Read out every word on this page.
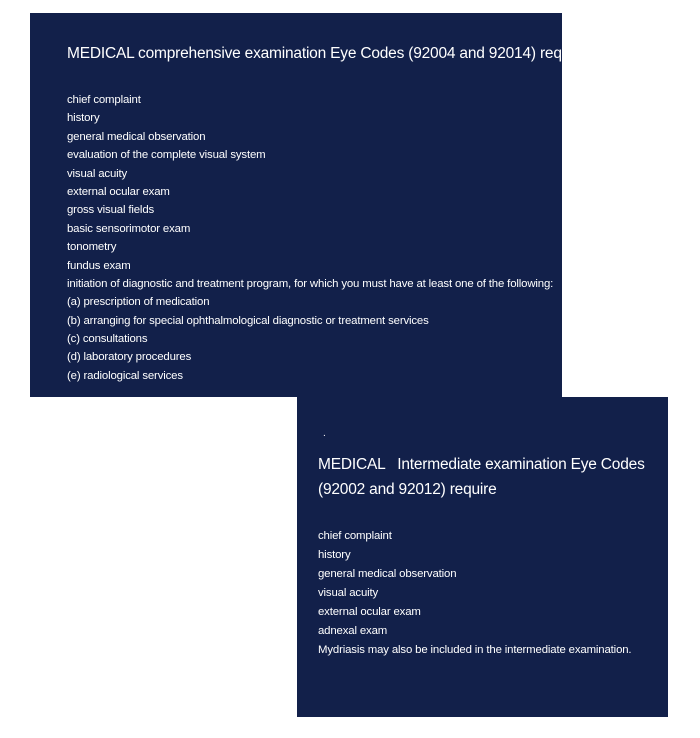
MEDICAL comprehensive examination Eye Codes (92004 and 92014) require
chief complaint
history
general medical observation
evaluation of the complete visual system
visual acuity
external ocular exam
gross visual fields
basic sensorimotor exam
tonometry
fundus exam
initiation of diagnostic and treatment program, for which you must have at least one of the following:
(a) prescription of medication
(b) arranging for special ophthalmological diagnostic or treatment services
(c) consultations
(d) laboratory procedures
(e) radiological services
.
MEDICAL   Intermediate examination Eye Codes
(92002 and 92012) require
chief complaint
history
general medical observation
visual acuity
external ocular exam
adnexal exam
Mydriasis may also be included in the intermediate examination.
